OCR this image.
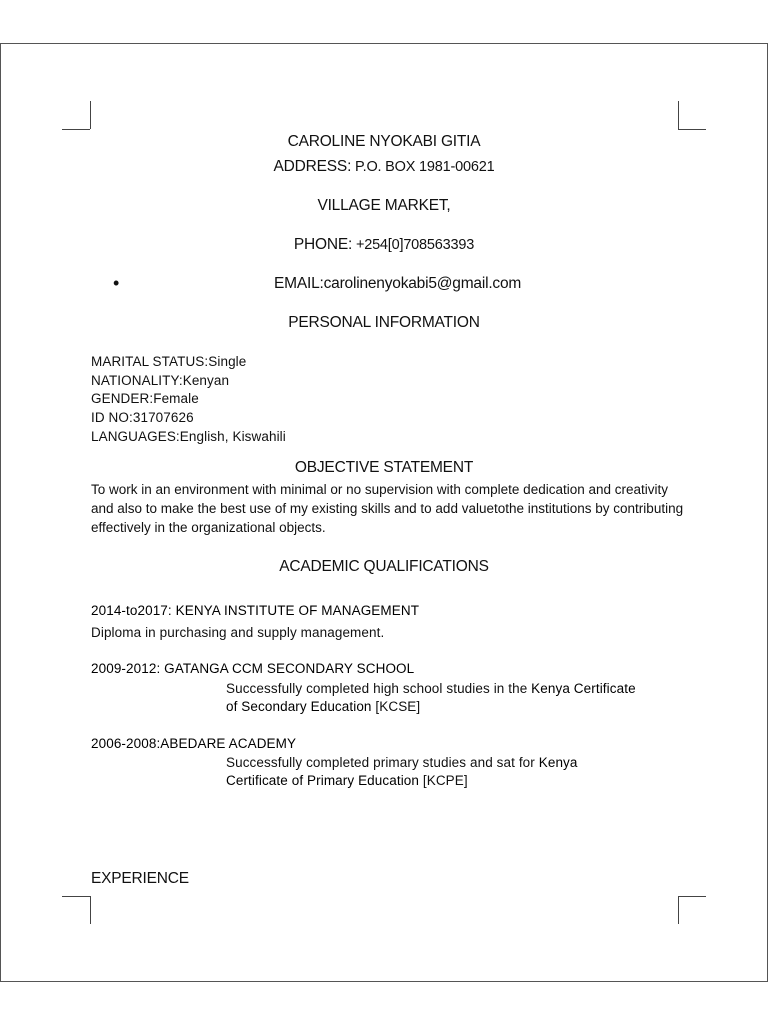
CAROLINE NYOKABI GITIA
ADDRESS: P.O. BOX 1981-00621
VILLAGE MARKET,
PHONE: +254[0]708563393
•	EMAIL:carolinenyokabi5@gmail.com
PERSONAL INFORMATION
MARITAL STATUS:Single
NATIONALITY:Kenyan
GENDER:Female
ID NO:31707626
LANGUAGES:English, Kiswahili
OBJECTIVE STATEMENT
To work in an environment with minimal or no supervision with complete dedication and creativity and also to make the best use of my existing skills and to add valuetothe institutions by contributing effectively in the organizational objects.
ACADEMIC QUALIFICATIONS
2014-to2017: KENYA INSTITUTE OF MANAGEMENT
Diploma in purchasing and supply management.
2009-2012: GATANGA CCM SECONDARY SCHOOL
Successfully completed high school studies in the Kenya Certificate
of Secondary Education [KCSE]
2006-2008:ABEDARE ACADEMY
Successfully completed primary studies and sat for Kenya
Certificate of Primary Education [KCPE]
EXPERIENCE
